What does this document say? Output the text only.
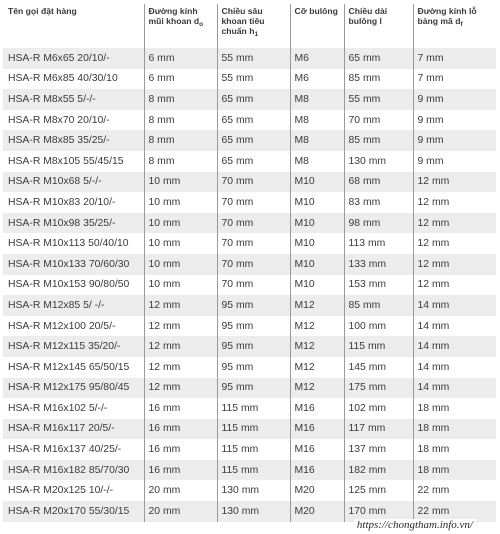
Tên gọi đặt hàng	Đường kính mũi khoan $d_o$	Chiều sâu khoan tiêu chuẩn $h_1$	Cỡ bulông	Chiều dài bulông l	Đường kính lỗ bảng mã $d_f$
HSA-R M6x65 20/10/-	6 mm	55 mm	M6	65 mm	7 mm
HSA-R M6x85 40/30/10	6 mm	55 mm	M6	85 mm	7 mm
HSA-R M8x55 5/-/-	8 mm	65 mm	M8	55 mm	9 mm
HSA-R M8x70 20/10/-	8 mm	65 mm	M8	70 mm	9 mm
HSA-R M8x85 35/25/-	8 mm	65 mm	M8	85 mm	9 mm
HSA-R M8x105 55/45/15	8 mm	65 mm	M8	130 mm	9 mm
HSA-R M10x68 5/-/-	10 mm	70 mm	M10	68 mm	12 mm
HSA-R M10x83 20/10/-	10 mm	70 mm	M10	83 mm	12 mm
HSA-R M10x98 35/25/-	10 mm	70 mm	M10	98 mm	12 mm
HSA-R M10x113 50/40/10	10 mm	70 mm	M10	113 mm	12 mm
HSA-R M10x133 70/60/30	10 mm	70 mm	M10	133 mm	12 mm
HSA-R M10x153 90/80/50	10 mm	70 mm	M10	153 mm	12 mm
HSA-R M12x85 5/ -/-	12 mm	95 mm	M12	85 mm	14 mm
HSA-R M12x100 20/5/-	12 mm	95 mm	M12	100 mm	14 mm
HSA-R M12x115 35/20/-	12 mm	95 mm	M12	115 mm	14 mm
HSA-R M12x145 65/50/15	12 mm	95 mm	M12	145 mm	14 mm
HSA-R M12x175 95/80/45	12 mm	95 mm	M12	175 mm	14 mm
HSA-R M16x102 5/-/-	16 mm	115 mm	M16	102 mm	18 mm
HSA-R M16x117 20/5/-	16 mm	115 mm	M16	117 mm	18 mm
HSA-R M16x137 40/25/-	16 mm	115 mm	M16	137 mm	18 mm
HSA-R M16x182 85/70/30	16 mm	115 mm	M16	182 mm	18 mm
HSA-R M20x125 10/-/-	20 mm	130 mm	M20	125 mm	22 mm
HSA-R M20x170 55/30/15	20 mm	130 mm	M20	170 mm	22 mm
https://chongtham.info.vn/
